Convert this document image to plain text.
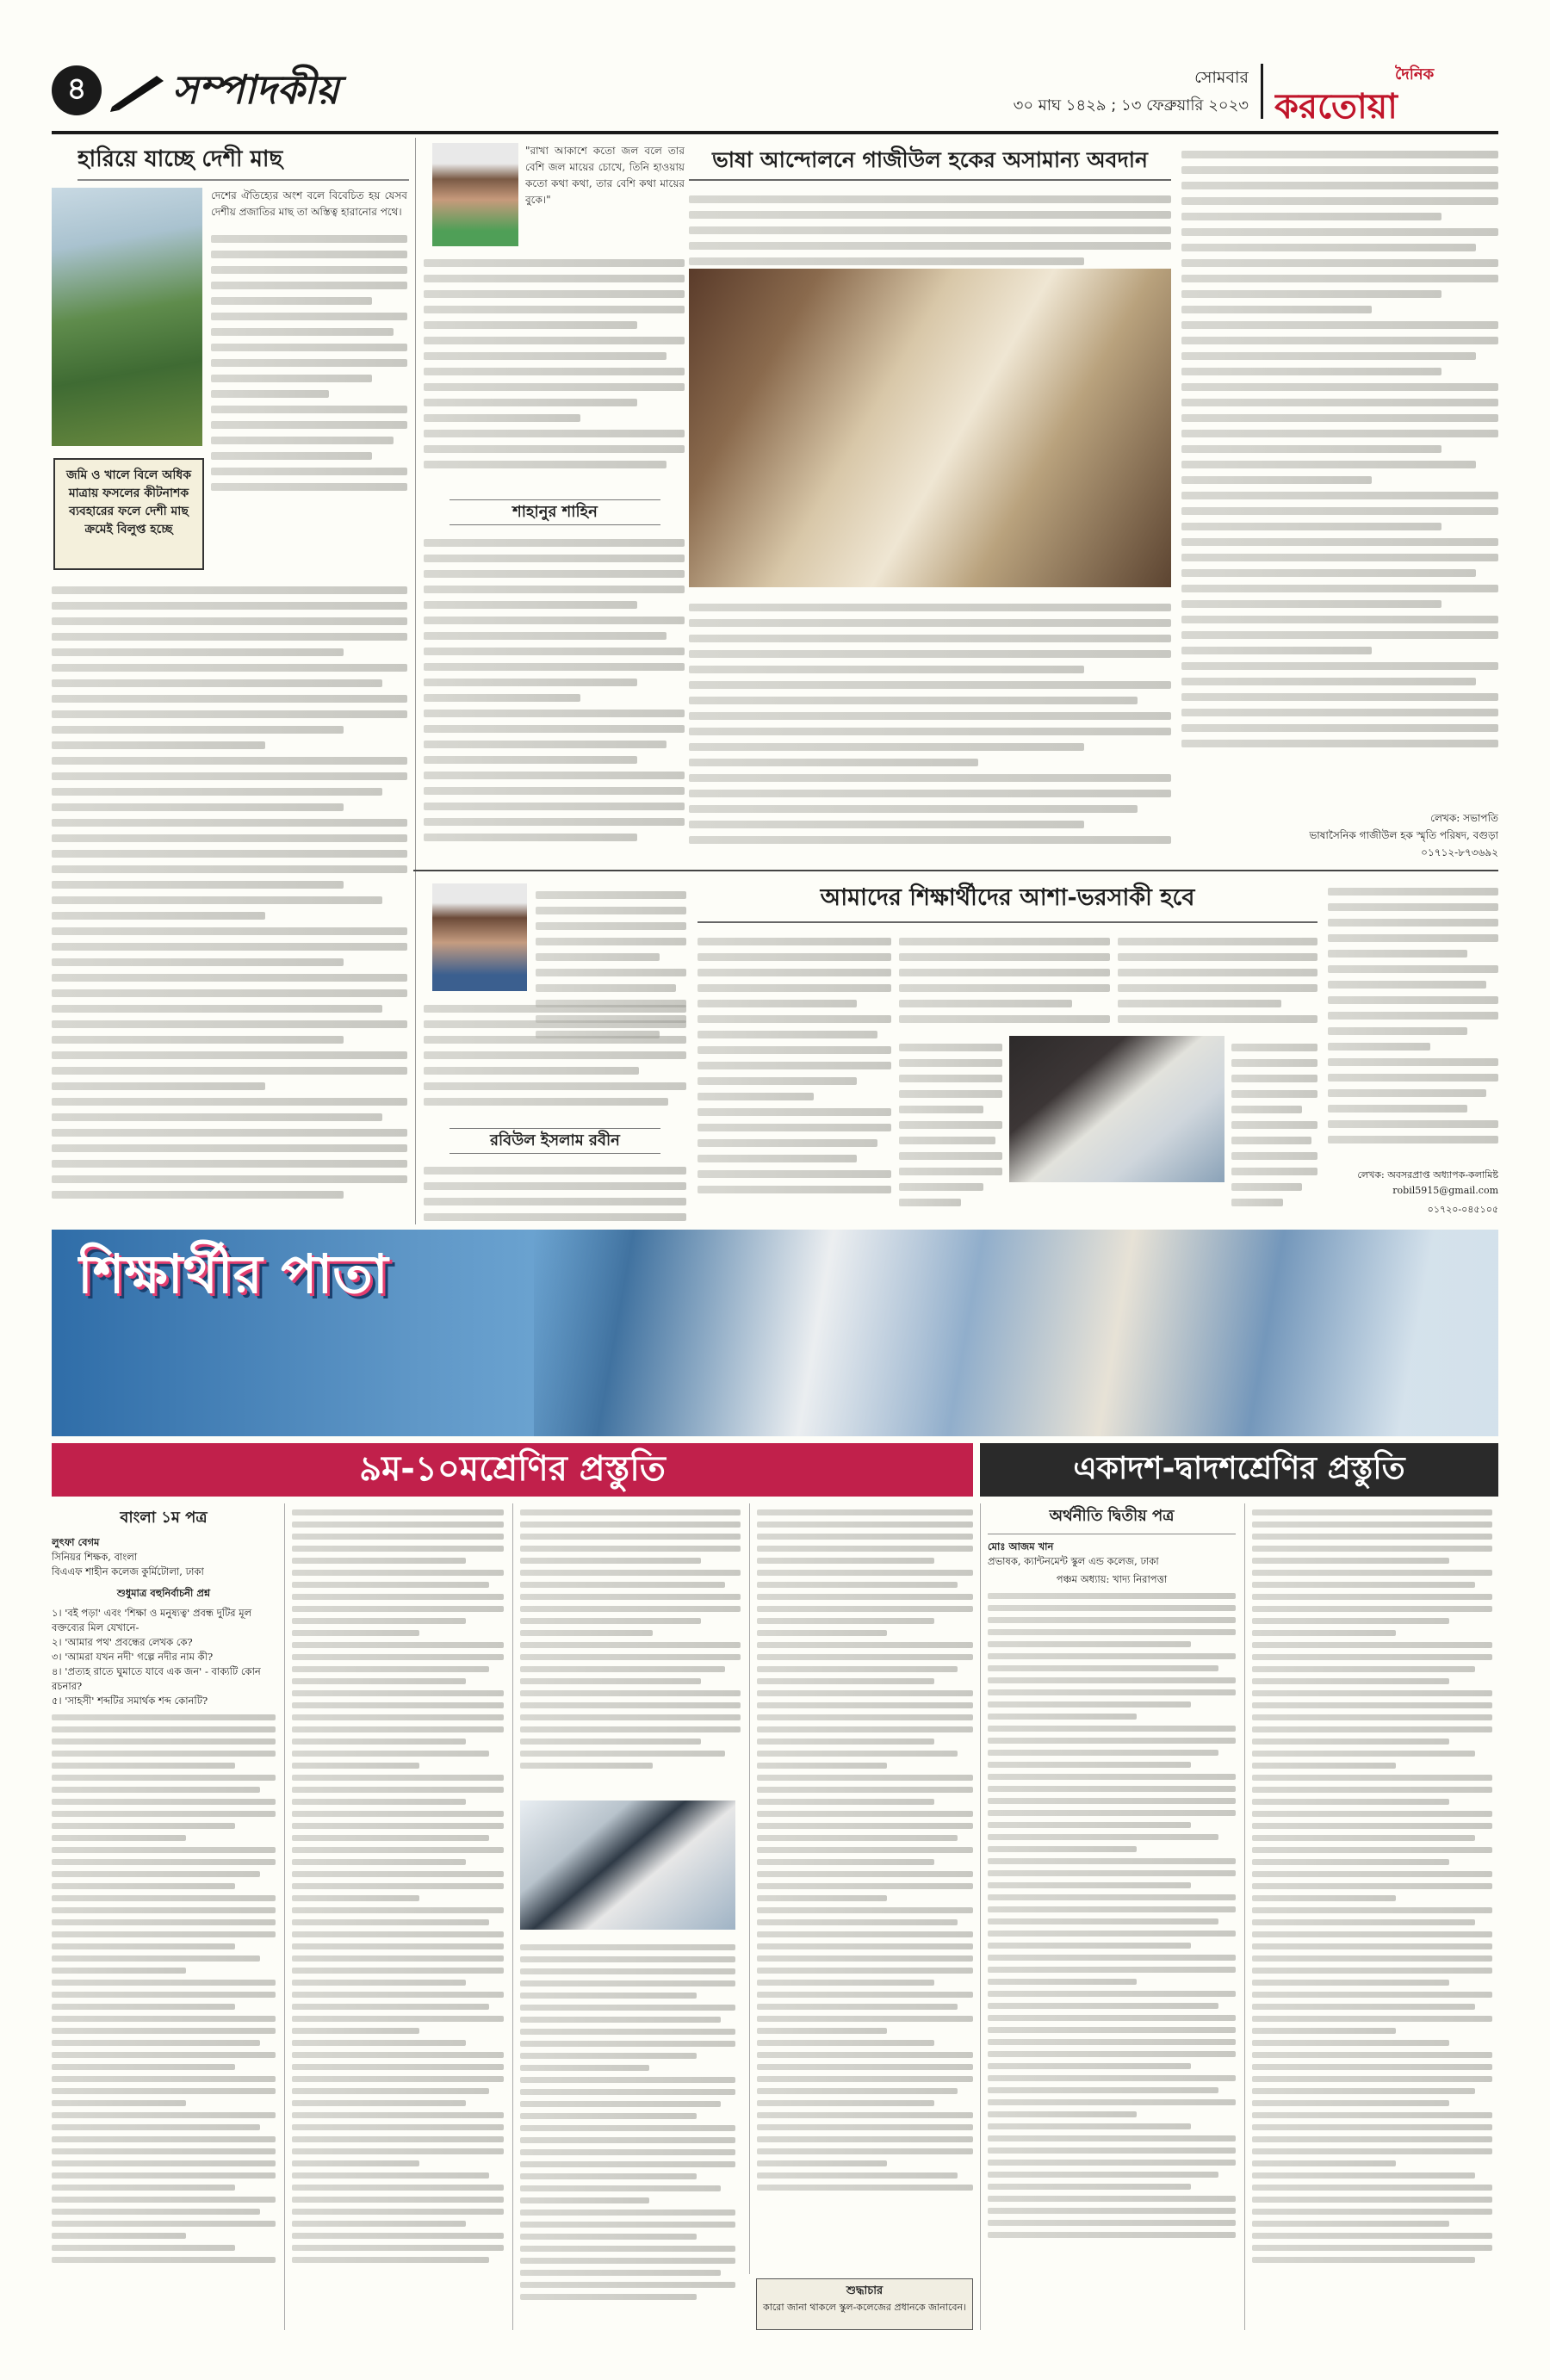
৪	সম্পাদকীয়	সোমবার
৩০ মাঘ ১৪২৯ ; ১৩ ফেব্রুয়ারি ২০২৩
দৈনিক
করতোয়া
হারিয়ে যাচ্ছে দেশী মাছ
দেশের ঐতিহ্যের অংশ বলে বিবেচিত হয় যেসব দেশীয় প্রজাতির মাছ তা অস্তিত্ব হারানোর পথে।
জমি ও খালে বিলে অধিক মাত্রায় ফসলের কীটনাশক ব্যবহারের ফলে দেশী মাছ ক্রমেই বিলুপ্ত হচ্ছে
"রাখা আকাশে কতো জল বলে তার বেশি জল মায়ের চোখে, তিনি হাওয়ায় কতো কথা কথা, তার বেশি কথা মায়ের বুকে।"
শাহানুর শাহিন
ভাষা আন্দোলনে গাজীউল হকের অসামান্য অবদান
লেখক: সভাপতি
ভাষাসৈনিক গাজীউল হক স্মৃতি পরিষদ, বগুড়া
০১৭১২-৮৭৩৬৯২
রবিউল ইসলাম রবীন
আমাদের শিক্ষার্থীদের আশা-ভরসাকী হবে
লেখক: অবসরপ্রাপ্ত অধ্যাপক-কলামিষ্ট
robil5915@gmail.com
০১৭২০-০৪৫১০৫
শিক্ষার্থীর পাতা
৯ম-১০মশ্রেণির প্রস্তুতি	একাদশ-দ্বাদশশ্রেণির প্রস্তুতি
বাংলা ১ম পত্র
লুৎফা বেগম
সিনিয়র শিক্ষক, বাংলা
বিএএফ শাহীন কলেজ কুর্মিটোলা, ঢাকা
শুধুমাত্র বহুনির্বাচনী প্রশ্ন
১। 'বই পড়া' এবং 'শিক্ষা ও মনুষ্যত্ব' প্রবন্ধ দুটির মূল বক্তব্যের মিল যেখানে-
২। 'আমার পথ' প্রবন্ধের লেখক কে?
৩। 'আমরা যখন নদী' গল্পে নদীর নাম কী?
৪। 'প্রত্যহ রাতে ঘুমাতে যাবে এক জন' - বাক্যটি কোন রচনার?
৫। 'সাহসী' শব্দটির সমার্থক শব্দ কোনটি?
শুদ্ধাচার
কারো জানা থাকলে স্কুল-কলেজের প্রধানকে জানাবেন।
অর্থনীতি দ্বিতীয় পত্র
মোঃ আজম খান
প্রভাষক, ক্যান্টনমেন্ট স্কুল এন্ড কলেজ, ঢাকা
পঞ্চম অধ্যায়: খাদ্য নিরাপত্তা
